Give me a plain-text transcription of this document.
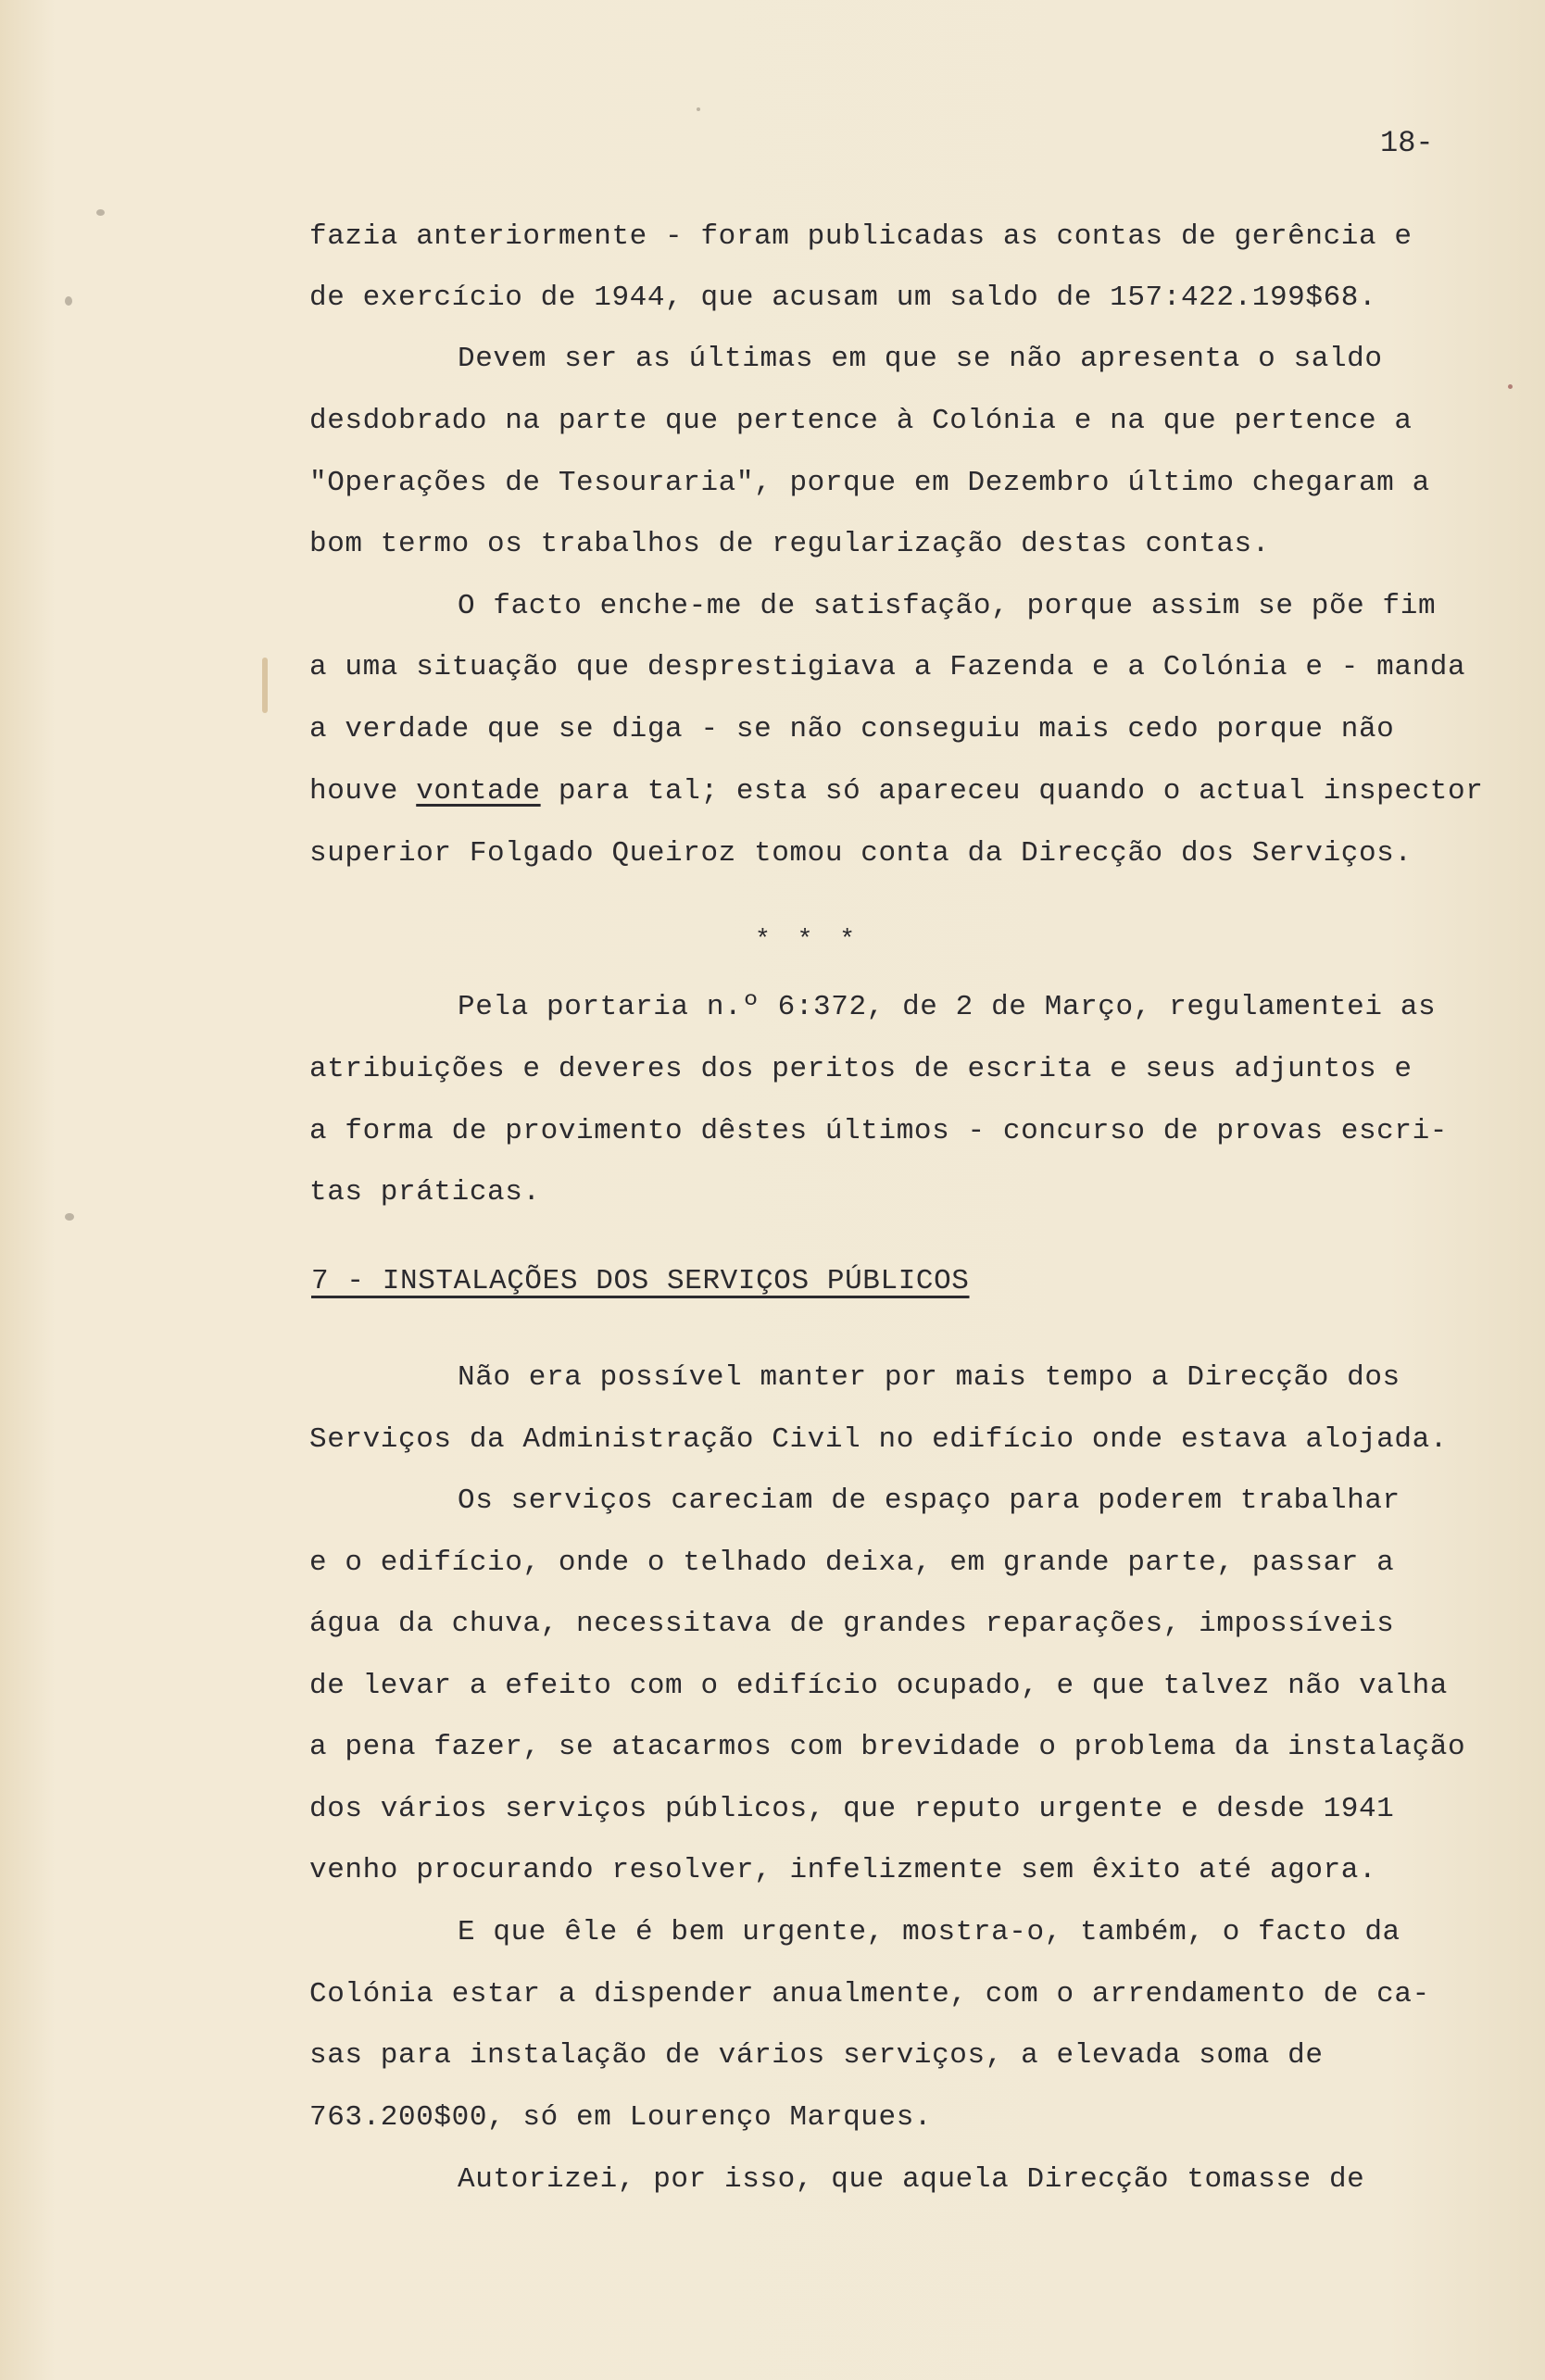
18-
fazia anteriormente - foram publicadas as contas de gerência e
de exercício de 1944, que acusam um saldo de 157:422.199$68.
Devem ser as últimas em que se não apresenta o saldo
desdobrado na parte que pertence à Colónia e na que pertence a
"Operações de Tesouraria", porque em Dezembro último chegaram a
bom termo os trabalhos de regularização destas contas.
O facto enche-me de satisfação, porque assim se põe fim
a uma situação que desprestigiava a Fazenda e a Colónia e - manda
a verdade que se diga - se não conseguiu mais cedo porque não
houve vontade para tal; esta só apareceu quando o actual inspector
superior Folgado Queiroz tomou conta da Direcção dos Serviços.
* * *
Pela portaria n.º 6:372, de 2 de Março, regulamentei as
atribuições e deveres dos peritos de escrita e seus adjuntos e
a forma de provimento dêstes últimos - concurso de provas escri-
tas práticas.
7 - INSTALAÇÕES DOS SERVIÇOS PÚBLICOS
Não era possível manter por mais tempo a Direcção dos
Serviços da Administração Civil no edifício onde estava alojada.
Os serviços careciam de espaço para poderem trabalhar
e o edifício, onde o telhado deixa, em grande parte, passar a
água da chuva, necessitava de grandes reparações, impossíveis
de levar a efeito com o edifício ocupado, e que talvez não valha
a pena fazer, se atacarmos com brevidade o problema da instalação
dos vários serviços públicos, que reputo urgente e desde 1941
venho procurando resolver, infelizmente sem êxito até agora.
E que êle é bem urgente, mostra-o, também, o facto da
Colónia estar a dispender anualmente, com o arrendamento de ca-
sas para instalação de vários serviços, a elevada soma de
763.200$00, só em Lourenço Marques.
Autorizei, por isso, que aquela Direcção tomasse de
